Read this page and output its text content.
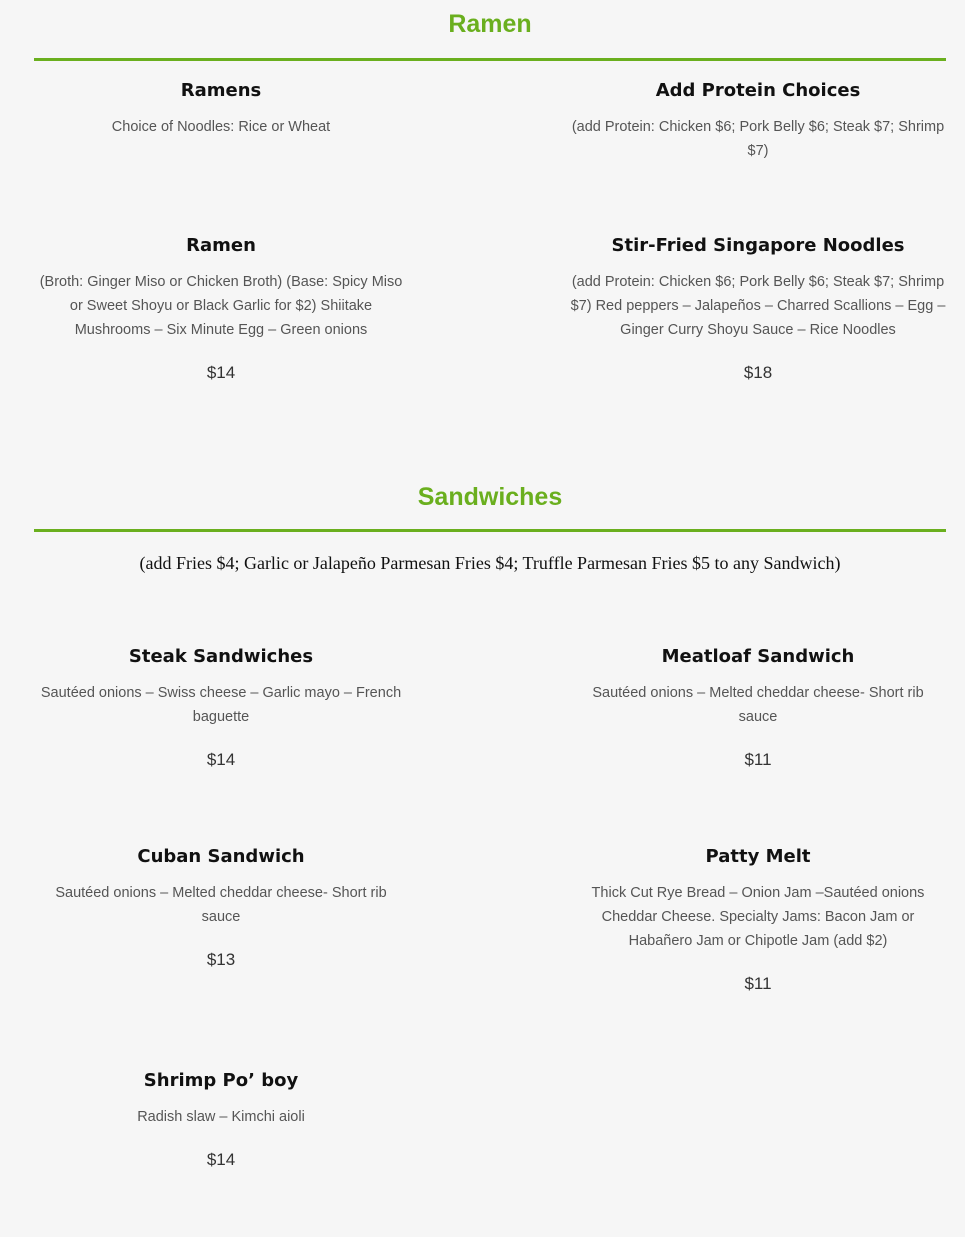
Ramen
Ramens

Choice of Noodles: Rice or Wheat

Add Protein Choices

(add Protein: Chicken $6; Pork Belly $6; Steak $7; Shrimp $7)

Ramen

(Broth: Ginger Miso or Chicken Broth) (Base: Spicy Miso or Sweet Shoyu or Black Garlic for $2) Shiitake Mushrooms – Six Minute Egg – Green onions

$14
Stir-Fried Singapore Noodles

(add Protein: Chicken $6; Pork Belly $6; Steak $7; Shrimp $7) Red peppers – Jalapeños – Charred Scallions – Egg – Ginger Curry Shoyu Sauce – Rice Noodles

$18
Sandwiches
(add Fries $4; Garlic or Jalapeño Parmesan Fries $4; Truffle Parmesan Fries $5 to any Sandwich)
Steak Sandwiches

Sautéed onions – Swiss cheese – Garlic mayo – French baguette

$14
Meatloaf Sandwich

Sautéed onions – Melted cheddar cheese- Short rib sauce

$11
Cuban Sandwich

Sautéed onions – Melted cheddar cheese- Short rib sauce

$13
Patty Melt

Thick Cut Rye Bread – Onion Jam –Sautéed onions Cheddar Cheese. Specialty Jams: Bacon Jam or Habañero Jam or Chipotle Jam (add $2)

$11
Shrimp Po’ boy

Radish slaw – Kimchi aioli

$14
